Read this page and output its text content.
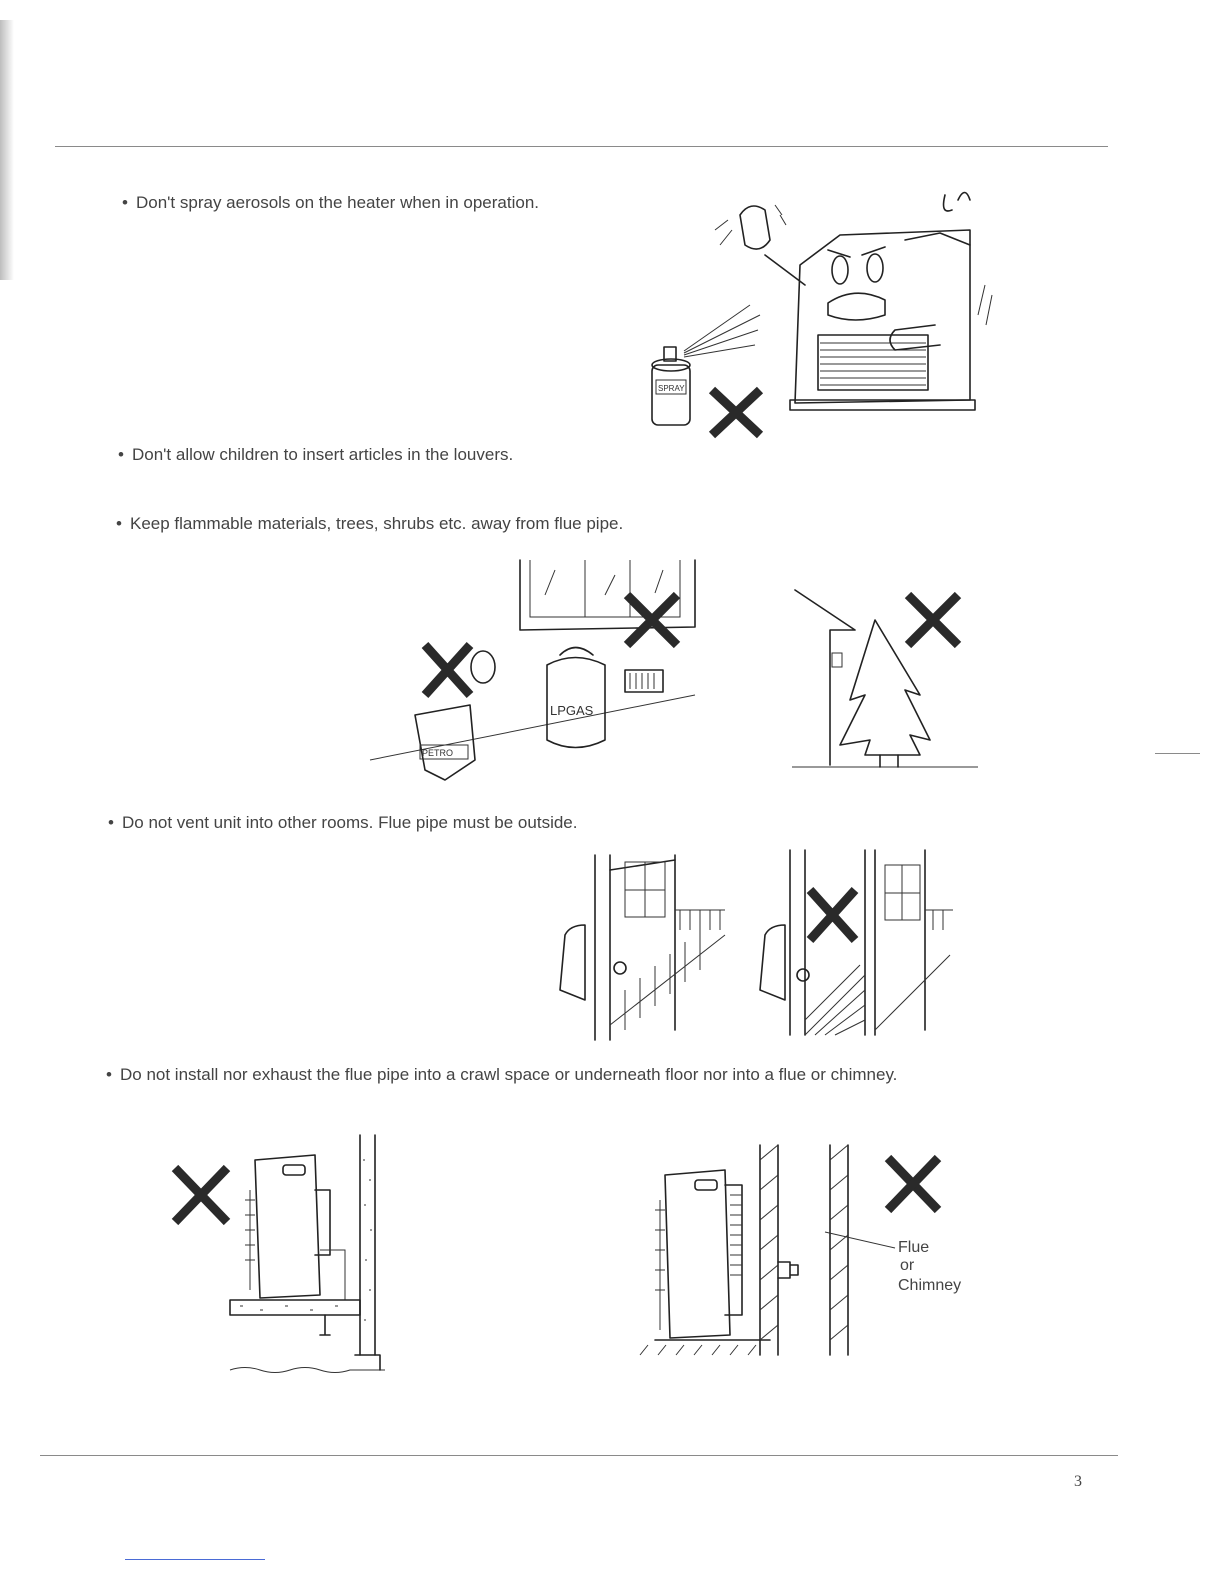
• Don't spray aerosols on the heater when in operation.
SPRAY
• Don't allow children to insert articles in the louvers.
• Keep flammable materials, trees, shrubs etc. away from flue pipe.
PETRO
LPGAS
• Do not vent unit into other rooms. Flue pipe must be outside.
• Do not install nor exhaust the flue pipe into a crawl space or underneath floor nor into a flue or chimney.
Flue
or
Chimney
3
